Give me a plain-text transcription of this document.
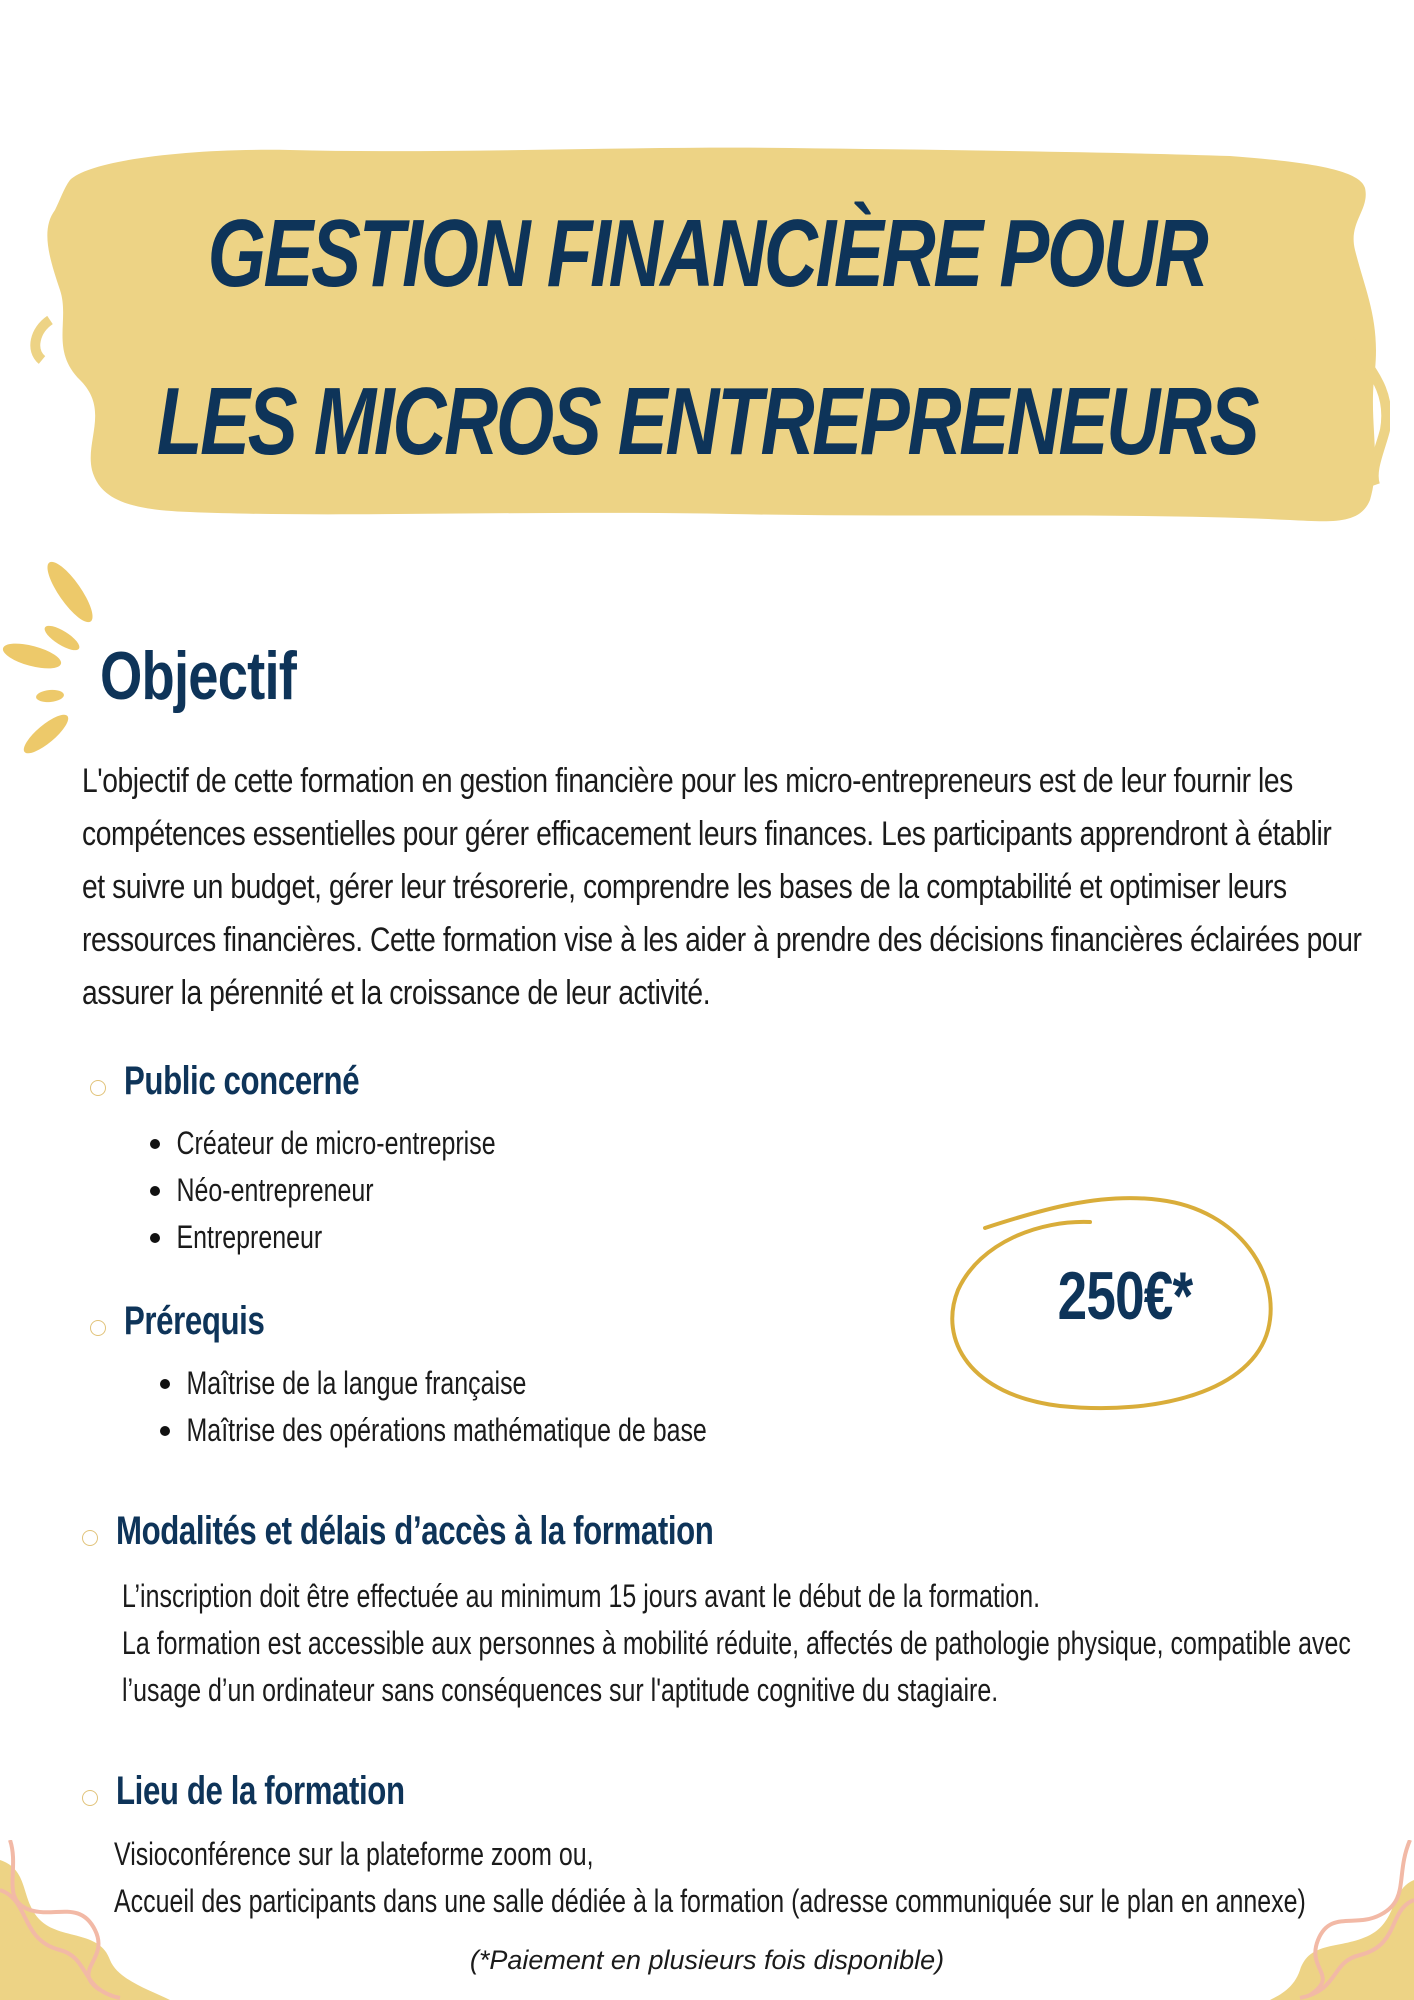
GESTION FINANCIÈRE POUR
LES MICROS ENTREPRENEURS
Objectif
L'objectif de cette formation en gestion financière pour les micro-entrepreneurs est de leur fournir les
compétences essentielles pour gérer efficacement leurs finances. Les participants apprendront à établir
et suivre un budget, gérer leur trésorerie, comprendre les bases de la comptabilité et optimiser leurs
ressources financières. Cette formation vise à les aider à prendre des décisions financières éclairées pour
assurer la pérennité et la croissance de leur activité.
Public concerné
Créateur de micro-entreprise
Néo-entrepreneur
Entrepreneur
Prérequis
Maîtrise de la langue française
Maîtrise des opérations mathématique de base
250€*
Modalités et délais d’accès à la formation
L’inscription doit être effectuée au minimum 15 jours avant le début de la formation.
La formation est accessible aux personnes à mobilité réduite, affectés de pathologie physique, compatible avec
l’usage d’un ordinateur sans conséquences sur l'aptitude cognitive du stagiaire.
Lieu de la formation
Visioconférence sur la plateforme zoom ou,
Accueil des participants dans une salle dédiée à la formation (adresse communiquée sur le plan en annexe)
(*Paiement en plusieurs fois disponible)
